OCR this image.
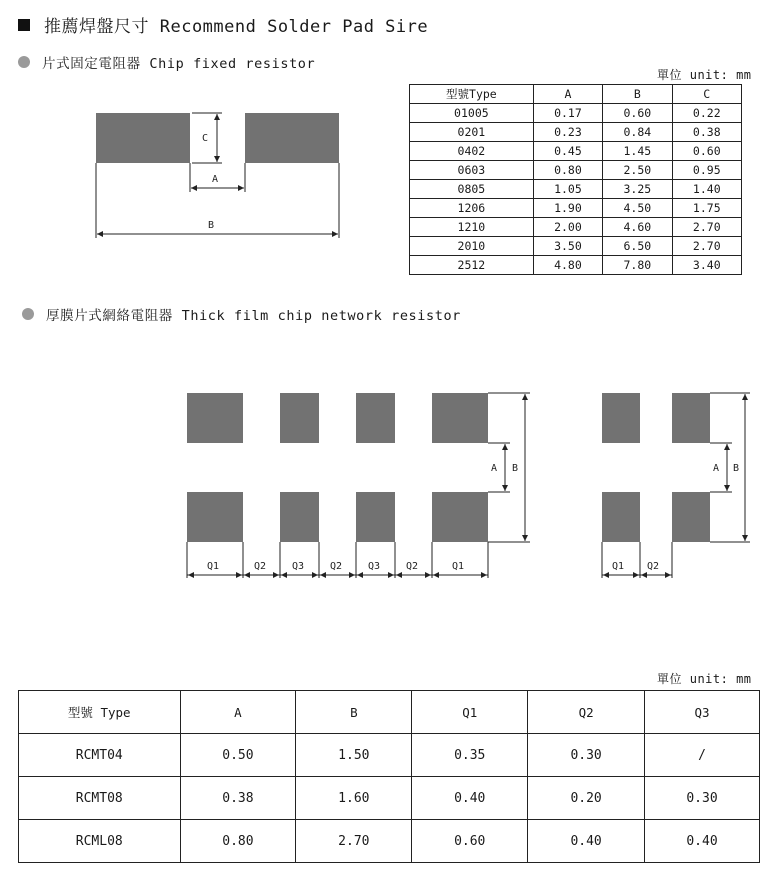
推薦焊盤尺寸 Recommend Solder Pad Sire
片式固定電阻器 Chip fixed resistor
單位 unit: mm
C
A
B
型號Type	A	B	C
01005	0.17	0.60	0.22
0201	0.23	0.84	0.38
0402	0.45	1.45	0.60
0603	0.80	2.50	0.95
0805	1.05	3.25	1.40
1206	1.90	4.50	1.75
1210	2.00	4.60	2.70
2010	3.50	6.50	2.70
2512	4.80	7.80	3.40
厚膜片式網絡電阻器 Thick film chip network resistor
A B
Q1	Q2	Q3	Q2	Q3	Q2	Q1
A B
Q1 Q2
單位 unit: mm
型號 Type	A	B	Q1	Q2	Q3
RCMT04	0.50	1.50	0.35	0.30	/
RCMT08	0.38	1.60	0.40	0.20	0.30
RCML08	0.80	2.70	0.60	0.40	0.40
